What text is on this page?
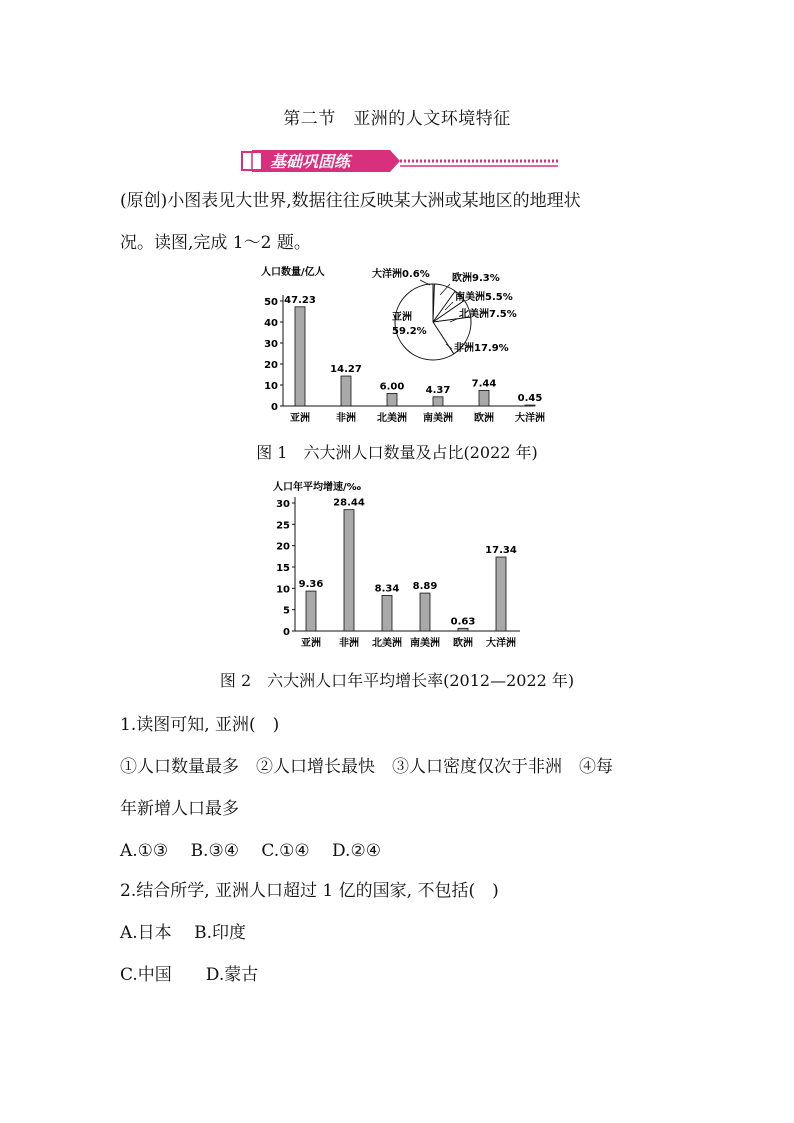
第二节　亚洲的人文环境特征
基础巩固练
(原创)小图表见大世界,数据往往反映某大洲或某地区的地理状
况。读图,完成 1～2 题。
人口数量/亿人
0
10
20
30
40
50 47.23
亚洲
14.27
非洲
6.00
北美洲
4.37
南美洲
7.44
欧洲
0.45
大洋洲
亚洲
59.2%
大洋洲0.6% 欧洲9.3%
南美洲5.5%
北美洲7.5%
非洲17.9%
图 1　六大洲人口数量及占比(2022 年)
人口年平均增速/‰
0
5
10
15
20
25
30
9.36
亚洲
28.44
非洲
8.34
北美洲
8.89
南美洲
0.63
欧洲
17.34
大洋洲
图 2　六大洲人口年平均增长率(2012—2022 年)
1.读图可知, 亚洲(　)
①人口数量最多　②人口增长最快　③人口密度仅次于非洲　④每
年新增人口最多
A.①③　 B.③④　 C.①④　 D.②④
2.结合所学, 亚洲人口超过 1 亿的国家, 不包括(　)
A.日本　 B.印度
C.中国　　D.蒙古
